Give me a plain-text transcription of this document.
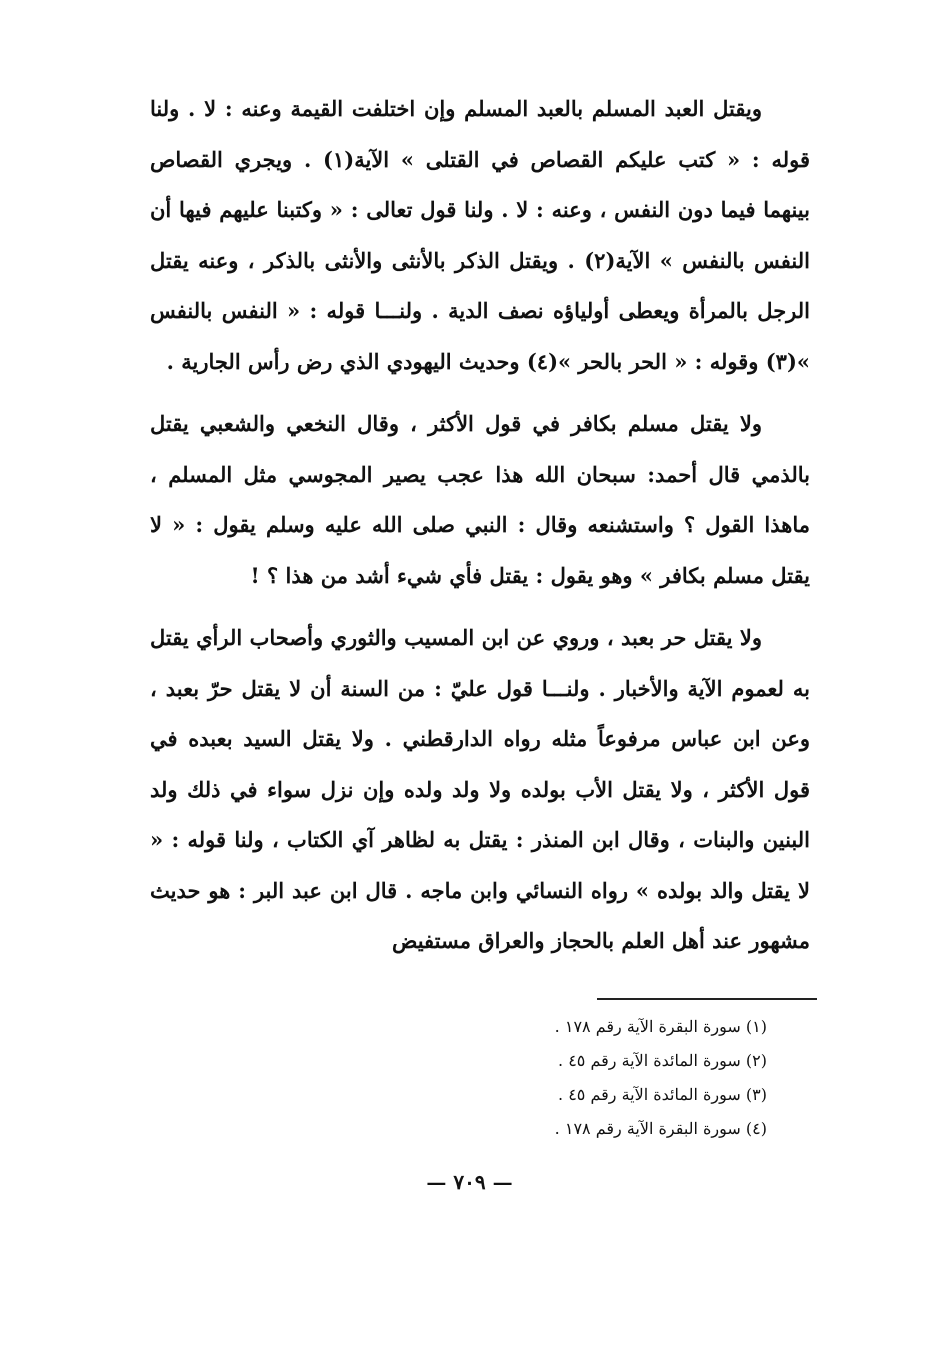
ويقتل العبد المسلم بالعبد المسلم وإن اختلفت القيمة وعنه : لا . ولنا قوله : « كتب عليكم القصاص في القتلى » الآية(١) . ويجري القصاص بينهما فيما دون النفس ، وعنه : لا . ولنا قول تعالى : « وكتبنا عليهم فيها أن النفس بالنفس » الآية(٢) . ويقتل الذكر بالأنثى والأنثى بالذكر ، وعنه يقتل الرجل بالمرأة ويعطى أولياؤه نصف الدية . ولنـــا قوله : « النفس بالنفس »(٣) وقوله : « الحر بالحر »(٤) وحديث اليهودي الذي رض رأس الجارية .

ولا يقتل مسلم بكافر في قول الأكثر ، وقال النخعي والشعبي يقتل بالذمي قال أحمد: سبحان الله هذا عجب يصير المجوسي مثل المسلم ، ماهذا القول ؟ واستشنعه وقال : النبي صلى الله عليه وسلم يقول : « لا يقتل مسلم بكافر » وهو يقول : يقتل فأي شيء أشد من هذا ؟ !

ولا يقتل حر بعبد ، وروي عن ابن المسيب والثوري وأصحاب الرأي يقتل به لعموم الآية والأخبار . ولنـــا قول عليّ : من السنة أن لا يقتل حرّ بعبد ، وعن ابن عباس مرفوعاً مثله رواه الدارقطني . ولا يقتل السيد بعبده في قول الأكثر ، ولا يقتل الأب بولده ولا ولد ولده وإن نزل سواء في ذلك ولد البنين والبنات ، وقال ابن المنذر : يقتل به لظاهر آي الكتاب ، ولنا قوله : « لا يقتل والد بولده » رواه النسائي وابن ماجه . قال ابن عبد البر : هو حديث مشهور عند أهل العلم بالحجاز والعراق مستفيض

(١) سورة البقرة الآية رقم ١٧٨ .
(٢) سورة المائدة الآية رقم ٤٥ .
(٣) سورة المائدة الآية رقم ٤٥ .
(٤) سورة البقرة الآية رقم ١٧٨ .
— ٧٠٩ —
